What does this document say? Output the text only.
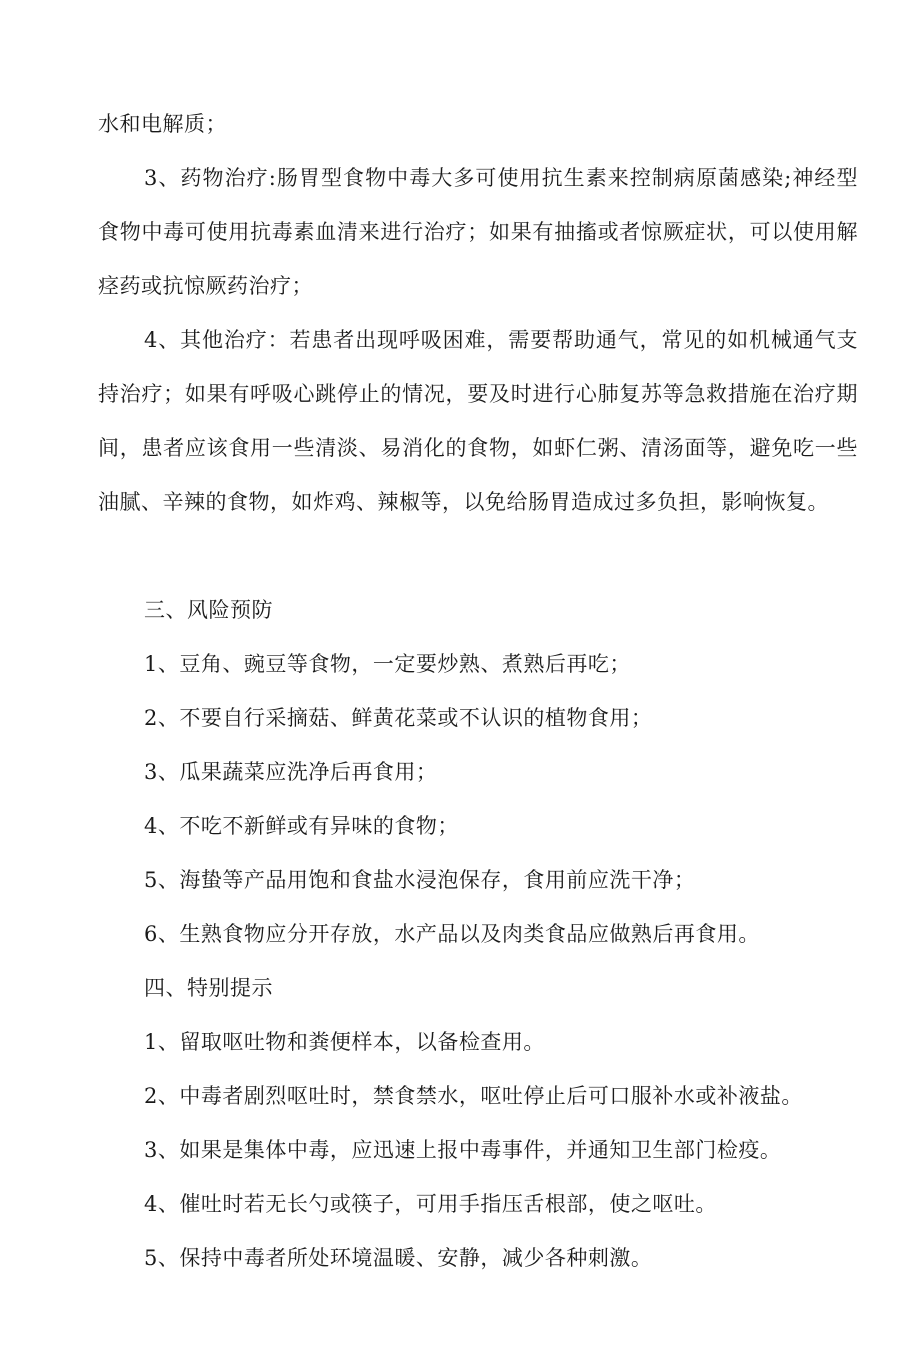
水和电解质；

3、药物治疗:肠胃型食物中毒大多可使用抗生素来控制病原菌感染;神经型食物中毒可使用抗毒素血清来进行治疗；如果有抽搐或者惊厥症状，可以使用解痉药或抗惊厥药治疗；

4、其他治疗：若患者出现呼吸困难，需要帮助通气，常见的如机械通气支持治疗；如果有呼吸心跳停止的情况，要及时进行心肺复苏等急救措施在治疗期间，患者应该食用一些清淡、易消化的食物，如虾仁粥、清汤面等，避免吃一些油腻、辛辣的食物，如炸鸡、辣椒等，以免给肠胃造成过多负担，影响恢复。

三、风险预防

1、豆角、豌豆等食物，一定要炒熟、煮熟后再吃；

2、不要自行采摘菇、鲜黄花菜或不认识的植物食用；

3、瓜果蔬菜应洗净后再食用；

4、不吃不新鲜或有异味的食物；

5、海蛰等产品用饱和食盐水浸泡保存，食用前应洗干净；

6、生熟食物应分开存放，水产品以及肉类食品应做熟后再食用。

四、特别提示

1、留取呕吐物和粪便样本，以备检查用。

2、中毒者剧烈呕吐时，禁食禁水，呕吐停止后可口服补水或补液盐。

3、如果是集体中毒，应迅速上报中毒事件，并通知卫生部门检疫。

4、催吐时若无长勺或筷子，可用手指压舌根部，使之呕吐。

5、保持中毒者所处环境温暖、安静，减少各种刺激。
